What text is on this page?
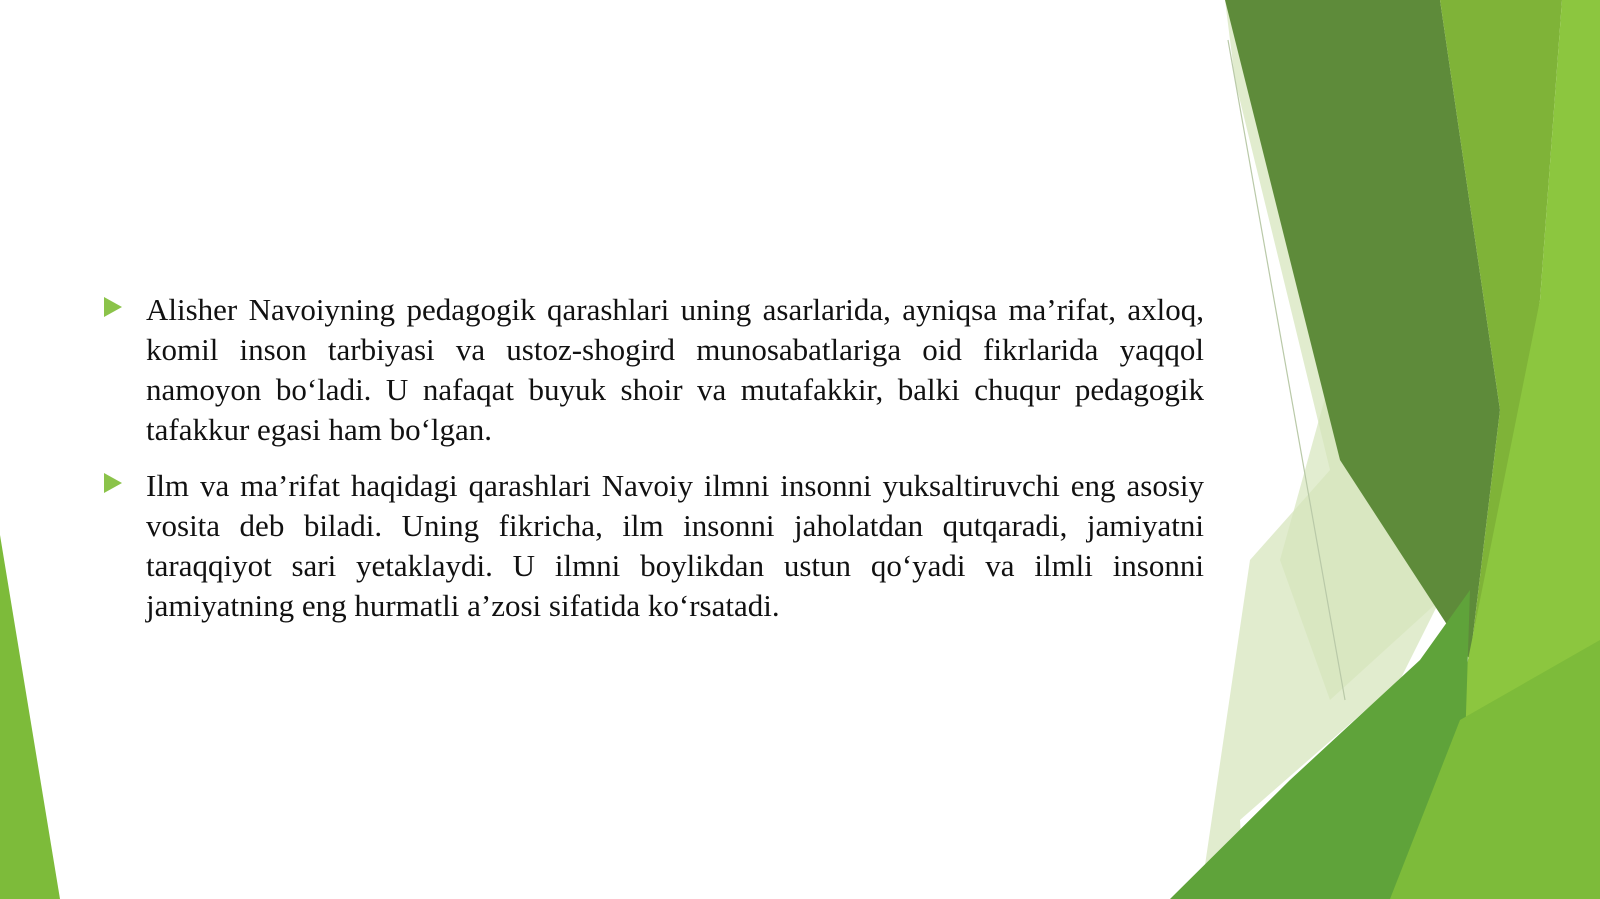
Alisher Navoiyning pedagogik qarashlari uning asarlarida, ayniqsa ma’rifat, axloq, komil inson tarbiyasi va ustoz-shogird munosabatlariga oid fikrlarida yaqqol namoyon bo‘ladi. U nafaqat buyuk shoir va mutafakkir, balki chuqur pedagogik tafakkur egasi ham bo‘lgan.

Ilm va ma’rifat haqidagi qarashlari Navoiy ilmni insonni yuksaltiruvchi eng asosiy vosita deb biladi. Uning fikricha, ilm insonni jaholatdan qutqaradi, jamiyatni taraqqiyot sari yetaklaydi. U ilmni boylikdan ustun qo‘yadi va ilmli insonni jamiyatning eng hurmatli a’zosi sifatida ko‘rsatadi.
